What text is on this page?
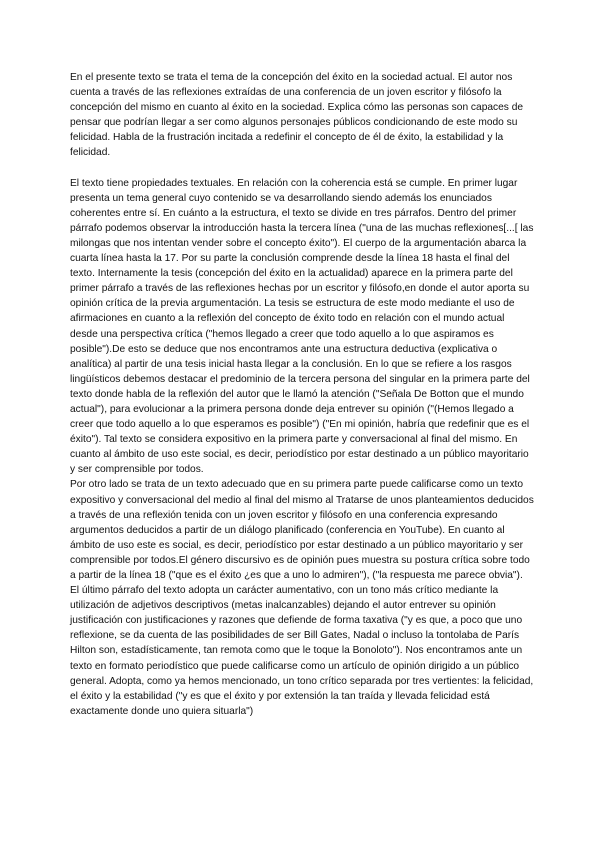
En el presente texto se trata el tema de la concepción del éxito en la sociedad actual. El autor nos cuenta a través de las reflexiones extraídas de una conferencia de un joven escritor y filósofo la concepción del mismo en cuanto al éxito en la sociedad. Explica cómo las personas son capaces de pensar que podrían llegar a ser como algunos personajes públicos condicionando de este modo su felicidad. Habla de la frustración incitada a redefinir el concepto de él de éxito, la estabilidad y la felicidad.

El texto tiene propiedades textuales. En relación con la coherencia está se cumple. En primer lugar presenta un tema general cuyo contenido se va desarrollando siendo además los enunciados coherentes entre sí. En cuánto a la estructura, el texto se divide en tres párrafos. Dentro del primer párrafo podemos observar la introducción hasta la tercera línea ("una de las muchas reflexiones[...[ las milongas que nos intentan vender sobre el concepto éxito"). El cuerpo de la argumentación abarca la cuarta línea hasta la 17. Por su parte la conclusión comprende desde la línea 18 hasta el final del texto. Internamente la tesis (concepción del éxito en la actualidad) aparece en la primera parte del primer párrafo a través de las reflexiones hechas por un escritor y filósofo,en donde el autor aporta su opinión crítica de la previa argumentación. La tesis se estructura de este modo mediante el uso de afirmaciones en cuanto a la reflexión del concepto de éxito todo en relación con el mundo actual desde una perspectiva crítica ("hemos llegado a creer que todo aquello a lo que aspiramos es posible").De esto se deduce que nos encontramos ante una estructura deductiva (explicativa o analítica) al partir de una tesis inicial hasta llegar a la conclusión. En lo que se refiere a los rasgos lingüísticos debemos destacar el predominio de la tercera persona del singular en la primera parte del texto donde habla de la reflexión del autor que le llamó la atención ("Señala De Botton que el mundo actual"), para evolucionar a la primera persona donde deja entrever su opinión ("(Hemos llegado a creer que todo aquello a lo que esperamos es posible") ("En mi opinión, habría que redefinir que es el éxito"). Tal texto se considera expositivo en la primera parte y conversacional al final del mismo. En cuanto al ámbito de uso este social, es decir, periodístico por estar destinado a un público mayoritario y ser comprensible por todos.

Por otro lado se trata de un texto adecuado que en su primera parte puede calificarse como un texto expositivo y conversacional del medio al final del mismo al Tratarse de unos planteamientos deducidos a través de una reflexión tenida con un joven escritor y filósofo en una conferencia expresando argumentos deducidos a partir de un diálogo planificado (conferencia en YouTube). En cuanto al ámbito de uso este es social, es decir, periodístico por estar destinado a un público mayoritario y ser comprensible por todos.El género discursivo es de opinión pues muestra su postura crítica sobre todo a partir de la línea 18 ("que es el éxito ¿es que a uno lo admiren"), ("la respuesta me parece obvia").

El último párrafo del texto adopta un carácter aumentativo, con un tono más crítico mediante la utilización de adjetivos descriptivos (metas inalcanzables) dejando el autor entrever su opinión justificación con justificaciones y razones que defiende de forma taxativa ("y es que, a poco que uno reflexione, se da cuenta de las posibilidades de ser Bill Gates, Nadal o incluso la tontolaba de París Hilton son, estadísticamente, tan remota como que le toque la Bonoloto"). Nos encontramos ante un texto en formato periodístico que puede calificarse como un artículo de opinión dirigido a un público general. Adopta, como ya hemos mencionado, un tono crítico separada por tres vertientes: la felicidad, el éxito y la estabilidad ("y es que el éxito y por extensión la tan traída y llevada felicidad está exactamente donde uno quiera situarla")
